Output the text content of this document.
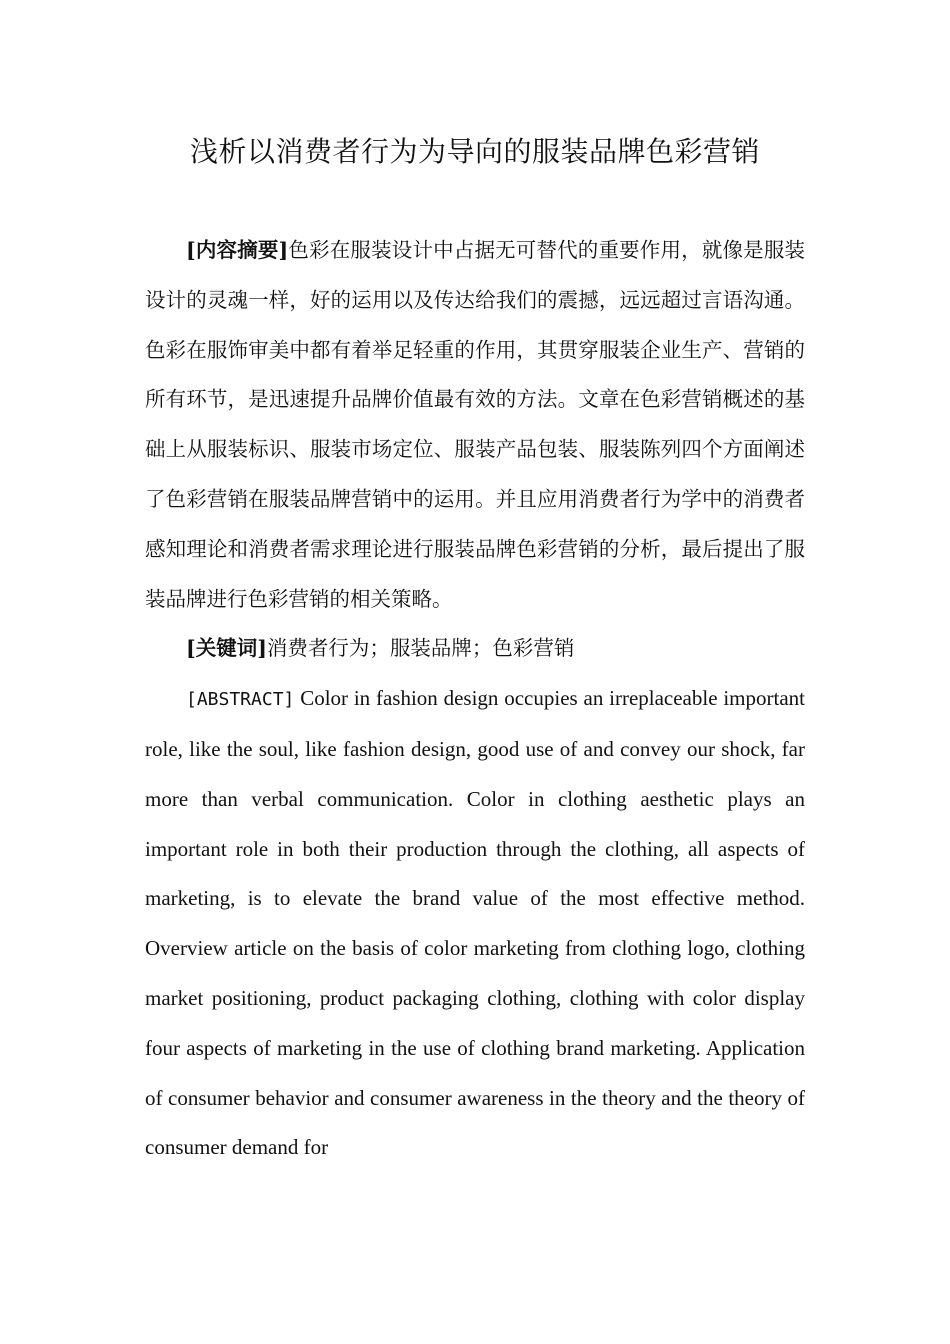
浅析以消费者行为为导向的服装品牌色彩营销

[内容摘要]色彩在服装设计中占据无可替代的重要作用，就像是服装设计的灵魂一样，好的运用以及传达给我们的震撼，远远超过言语沟通。色彩在服饰审美中都有着举足轻重的作用，其贯穿服装企业生产、营销的所有环节，是迅速提升品牌价值最有效的方法。文章在色彩营销概述的基础上从服装标识、服装市场定位、服装产品包装、服装陈列四个方面阐述了色彩营销在服装品牌营销中的运用。并且应用消费者行为学中的消费者感知理论和消费者需求理论进行服装品牌色彩营销的分析，最后提出了服装品牌进行色彩营销的相关策略。

[关键词]消费者行为；服装品牌；色彩营销

[ABSTRACT] Color in fashion design occupies an irreplaceable important role, like the soul, like fashion design, good use of and convey our shock, far more than verbal communication. Color in clothing aesthetic plays an important role in both their production through the clothing, all aspects of marketing, is to elevate the brand value of the most effective method. Overview article on the basis of color marketing from clothing logo, clothing market positioning, product packaging clothing, clothing with color display four aspects of marketing in the use of clothing brand marketing. Application of consumer behavior and consumer awareness in the theory and the theory of consumer demand for
